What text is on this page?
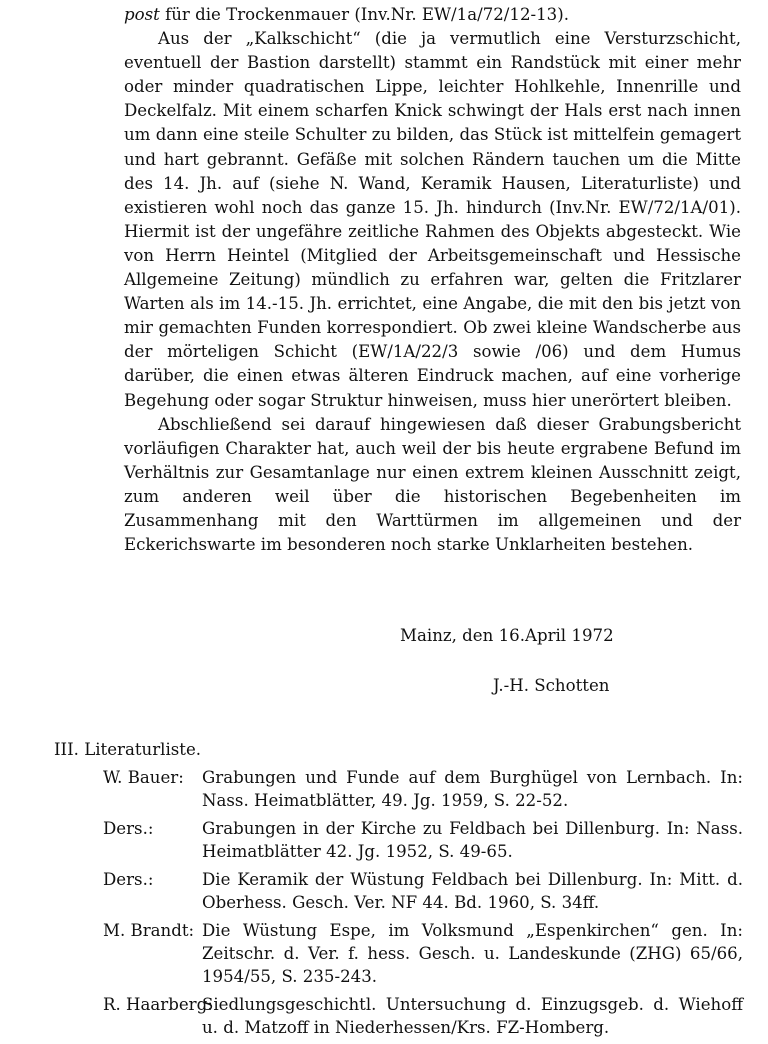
post für die Trockenmauer (Inv.Nr. EW/1a/72/12-13).

Aus der „Kalkschicht“ (die ja vermutlich eine Versturzschicht, eventuell der Bastion darstellt) stammt ein Randstück mit einer mehr oder minder quadratischen Lippe, leichter Hohlkehle, Innenrille und Deckelfalz. Mit einem scharfen Knick schwingt der Hals erst nach innen um dann eine steile Schulter zu bilden, das Stück ist mittelfein gemagert und hart gebrannt. Gefäße mit solchen Rändern tauchen um die Mitte des 14. Jh. auf (siehe N. Wand, Keramik Hausen, Literaturliste) und existieren wohl noch das ganze 15. Jh. hindurch (Inv.Nr. EW/72/1A/01). Hiermit ist der ungefähre zeitliche Rahmen des Objekts abgesteckt. Wie von Herrn Heintel (Mitglied der Arbeitsgemeinschaft und Hessische Allgemeine Zeitung) mündlich zu erfahren war, gelten die Fritzlarer Warten als im 14.-15. Jh. errichtet, eine Angabe, die mit den bis jetzt von mir gemachten Funden korrespondiert. Ob zwei kleine Wandscherbe aus der mörteligen Schicht (EW/1A/22/3 sowie /06) und dem Humus darüber, die einen etwas älteren Eindruck machen, auf eine vorherige Begehung oder sogar Struktur hinweisen, muss hier unerörtert bleiben.

Abschließend sei darauf hingewiesen daß dieser Grabungsbericht vorläufigen Charakter hat, auch weil der bis heute ergrabene Befund im Verhältnis zur Gesamtanlage nur einen extrem kleinen Ausschnitt zeigt, zum anderen weil über die historischen Begebenheiten im Zusammenhang mit den Warttürmen im allgemeinen und der Eckerichswarte im besonderen noch starke Unklarheiten bestehen.

Mainz, den 16.April 1972
J.-H. Schotten
III. Literaturliste.
W. Bauer: Grabungen und Funde auf dem Burghügel von Lernbach. In: Nass. Heimatblätter, 49. Jg. 1959, S. 22-52.
Ders.:	Grabungen in der Kirche zu Feldbach bei Dillenburg. In: Nass. Heimatblätter 42. Jg. 1952, S. 49-65.
Ders.:	Die Keramik der Wüstung Feldbach bei Dillenburg. In: Mitt. d. Oberhess. Gesch. Ver. NF 44. Bd. 1960, S. 34ff.
M. Brandt: Die Wüstung Espe, im Volksmund „Espenkirchen“ gen. In: Zeitschr. d. Ver. f. hess. Gesch. u. Landeskunde (ZHG) 65/66, 1954/55, S. 235-243.
R. Haarberg:
Siedlungsgeschichtl. Untersuchung d. Einzugsgeb. d. Wiehoff u. d. Matzoff in Niederhessen/Krs. FZ-Homberg.
